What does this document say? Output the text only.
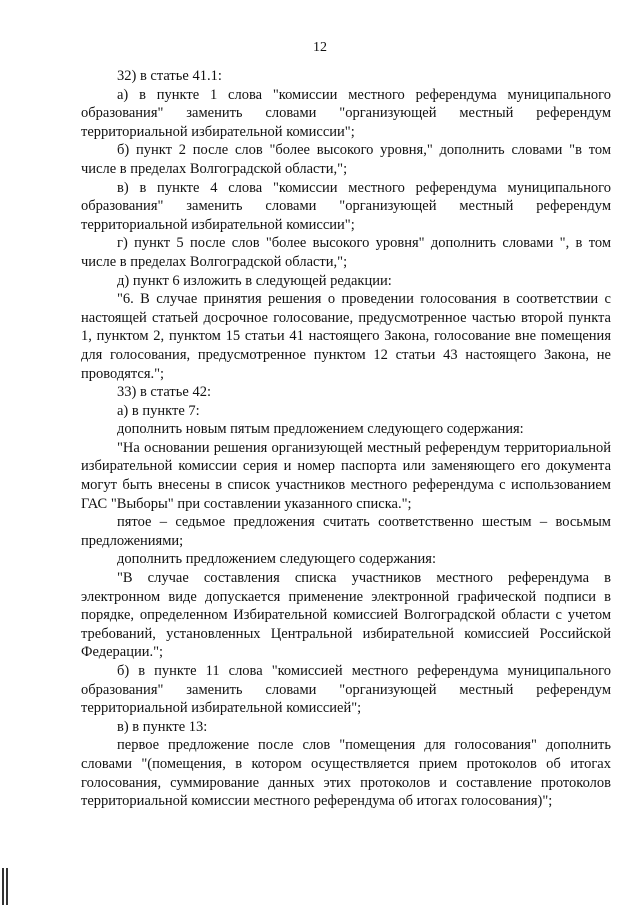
12

32) в статье 41.1:

а) в пункте 1 слова "комиссии местного референдума муниципального образования" заменить словами "организующей местный референдум территориальной избирательной комиссии";

б) пункт 2 после слов "более высокого уровня," дополнить словами "в том числе в пределах Волгоградской области,";

в) в пункте 4 слова "комиссии местного референдума муниципального образования" заменить словами "организующей местный референдум территориальной избирательной комиссии";

г) пункт 5 после слов "более высокого уровня" дополнить словами ", в том числе в пределах Волгоградской области,";

д) пункт 6 изложить в следующей редакции:

"6. В случае принятия решения о проведении голосования в соответствии с настоящей статьей досрочное голосование, предусмотренное частью второй пункта 1, пунктом 2, пунктом 15 статьи 41 настоящего Закона, голосование вне помещения для голосования, предусмотренное пунктом 12 статьи 43 настоящего Закона, не проводятся.";

33) в статье 42:

а) в пункте 7:

дополнить новым пятым предложением следующего содержания:

"На основании решения организующей местный референдум территориальной избирательной комиссии серия и номер паспорта или заменяющего его документа могут быть внесены в список участников местного референдума с использованием ГАС "Выборы" при составлении указанного списка.";

пятое – седьмое предложения считать соответственно шестым – восьмым предложениями;

дополнить предложением следующего содержания:

"В случае составления списка участников местного референдума в электронном виде допускается применение электронной графической подписи в порядке, определенном Избирательной комиссией Волгоградской области с учетом требований, установленных Центральной избирательной комиссией Российской Федерации.";

б) в пункте 11 слова "комиссией местного референдума муниципального образования" заменить словами "организующей местный референдум территориальной избирательной комиссией";

в) в пункте 13:

первое предложение после слов "помещения для голосования" дополнить словами "(помещения, в котором осуществляется прием протоколов об итогах голосования, суммирование данных этих протоколов и составление протоколов территориальной комиссии местного референдума об итогах голосования)";
